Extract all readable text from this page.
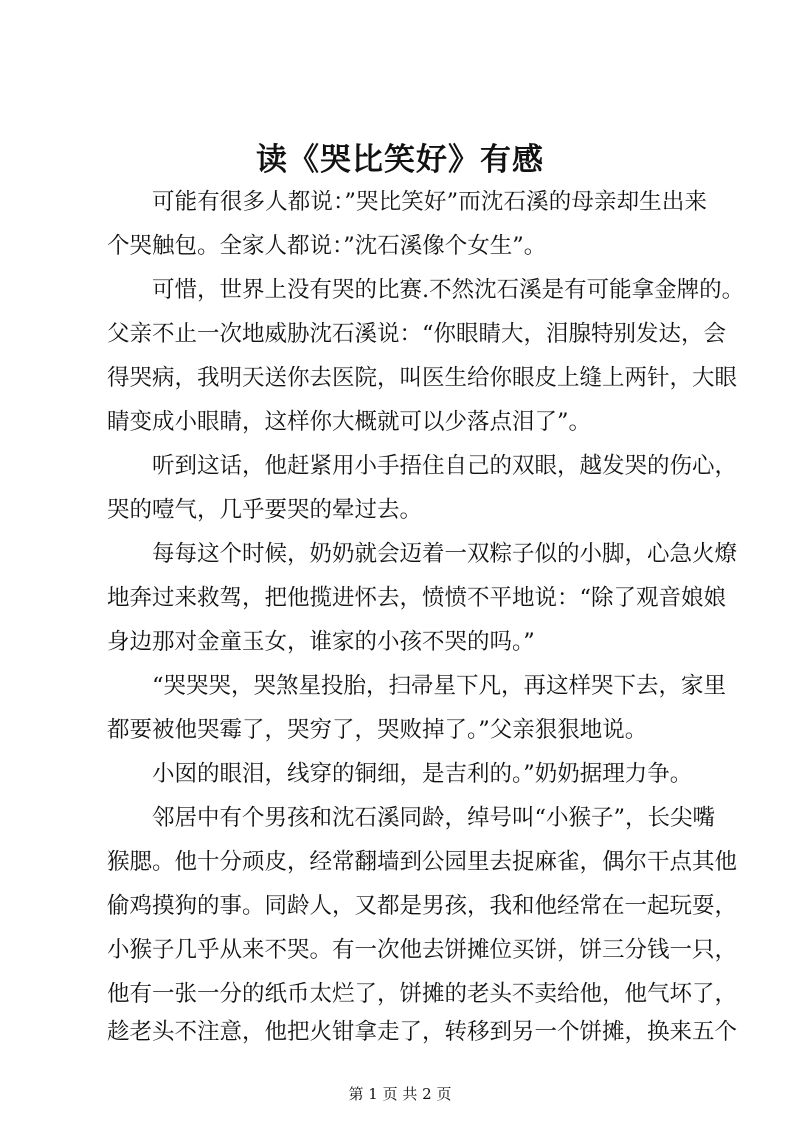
读《哭比笑好》有感
可能有很多人都说：”哭比笑好”而沈石溪的母亲却生出来
个哭触包。全家人都说：”沈石溪像个女生”。
可惜，世界上没有哭的比赛.不然沈石溪是有可能拿金牌的。
父亲不止一次地威胁沈石溪说：“你眼睛大，泪腺特别发达，会
得哭病，我明天送你去医院，叫医生给你眼皮上缝上两针，大眼
睛变成小眼睛，这样你大概就可以少落点泪了”。
听到这话，他赶紧用小手捂住自己的双眼，越发哭的伤心，
哭的噎气，几乎要哭的晕过去。
每每这个时候，奶奶就会迈着一双粽子似的小脚，心急火燎
地奔过来救驾，把他揽进怀去，愤愤不平地说：“除了观音娘娘
身边那对金童玉女，谁家的小孩不哭的吗。”
“哭哭哭，哭煞星投胎，扫帚星下凡，再这样哭下去，家里
都要被他哭霉了，哭穷了，哭败掉了。”父亲狠狠地说。
小囡的眼泪，线穿的铜细，是吉利的。”奶奶据理力争。
邻居中有个男孩和沈石溪同龄，绰号叫“小猴子”，长尖嘴
猴腮。他十分顽皮，经常翻墙到公园里去捉麻雀，偶尔干点其他
偷鸡摸狗的事。同龄人，又都是男孩，我和他经常在一起玩耍，
小猴子几乎从来不哭。有一次他去饼摊位买饼，饼三分钱一只，
他有一张一分的纸币太烂了，饼摊的老头不卖给他，他气坏了，
趁老头不注意，他把火钳拿走了，转移到另一个饼摊，换来五个
第 1 页 共 2 页
